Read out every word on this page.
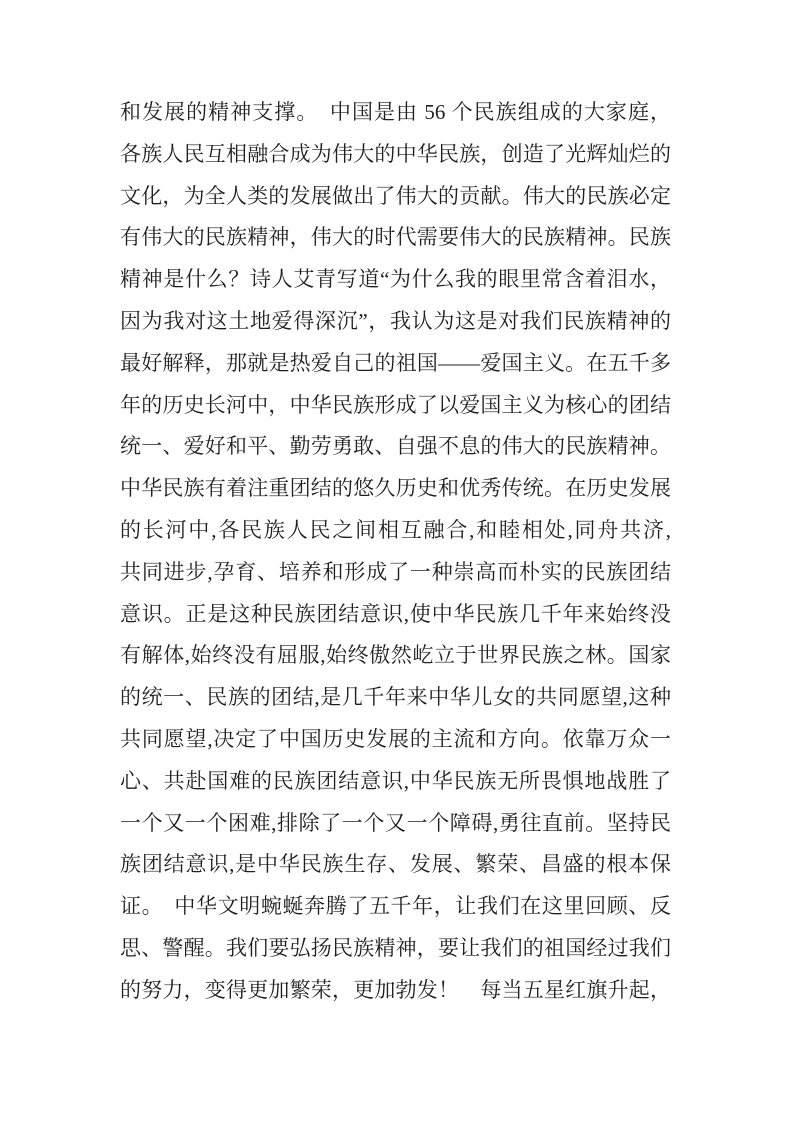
和发展的精神支撑。　中国是由 56 个民族组成的大家庭，
各族人民互相融合成为伟大的中华民族，创造了光辉灿烂的
文化，为全人类的发展做出了伟大的贡献。伟大的民族必定
有伟大的民族精神，伟大的时代需要伟大的民族精神。民族
精神是什么？诗人艾青写道“为什么我的眼里常含着泪水，
因为我对这土地爱得深沉”，我认为这是对我们民族精神的
最好解释，那就是热爱自己的祖国——爱国主义。在五千多
年的历史长河中，中华民族形成了以爱国主义为核心的团结
统一、爱好和平、勤劳勇敢、自强不息的伟大的民族精神。
中华民族有着注重团结的悠久历史和优秀传统。在历史发展
的长河中,各民族人民之间相互融合,和睦相处,同舟共济,
共同进步,孕育、培养和形成了一种崇高而朴实的民族团结
意识。正是这种民族团结意识,使中华民族几千年来始终没
有解体,始终没有屈服,始终傲然屹立于世界民族之林。国家
的统一、民族的团结,是几千年来中华儿女的共同愿望,这种
共同愿望,决定了中国历史发展的主流和方向。依靠万众一
心、共赴国难的民族团结意识,中华民族无所畏惧地战胜了
一个又一个困难,排除了一个又一个障碍,勇往直前。坚持民
族团结意识,是中华民族生存、发展、繁荣、昌盛的根本保
证。　中华文明蜿蜒奔腾了五千年，让我们在这里回顾、反
思、警醒。我们要弘扬民族精神，要让我们的祖国经过我们
的努力，变得更加繁荣，更加勃发！　每当五星红旗升起，
